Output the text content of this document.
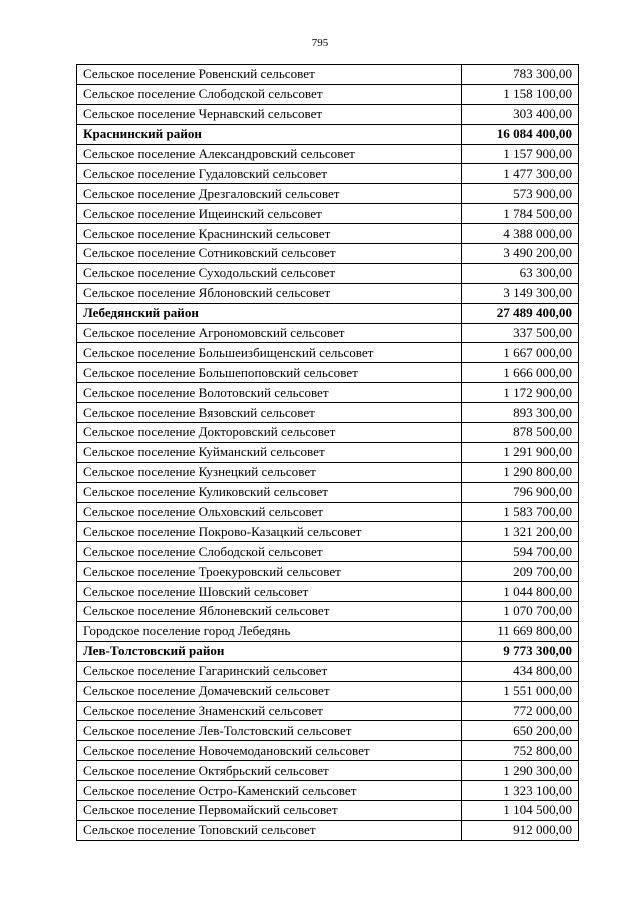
795
Сельское поселение Ровенский сельсовет	783 300,00
Сельское поселение Слободской сельсовет	1 158 100,00
Сельское поселение Чернавский сельсовет	303 400,00
Краснинский район	16 084 400,00
Сельское поселение Александровский сельсовет	1 157 900,00
Сельское поселение Гудаловский сельсовет	1 477 300,00
Сельское поселение Дрезгаловский сельсовет	573 900,00
Сельское поселение Ищеинский сельсовет	1 784 500,00
Сельское поселение Краснинский сельсовет	4 388 000,00
Сельское поселение Сотниковский сельсовет	3 490 200,00
Сельское поселение Суходольский сельсовет	63 300,00
Сельское поселение Яблоновский сельсовет	3 149 300,00
Лебедянский район	27 489 400,00
Сельское поселение Агрономовский сельсовет	337 500,00
Сельское поселение Большеизбищенский сельсовет	1 667 000,00
Сельское поселение Большепоповский сельсовет	1 666 000,00
Сельское поселение Волотовский сельсовет	1 172 900,00
Сельское поселение Вязовский сельсовет	893 300,00
Сельское поселение Докторовский сельсовет	878 500,00
Сельское поселение Куйманский сельсовет	1 291 900,00
Сельское поселение Кузнецкий сельсовет	1 290 800,00
Сельское поселение Куликовский сельсовет	796 900,00
Сельское поселение Ольховский сельсовет	1 583 700,00
Сельское поселение Покрово-Казацкий сельсовет	1 321 200,00
Сельское поселение Слободской сельсовет	594 700,00
Сельское поселение Троекуровский сельсовет	209 700,00
Сельское поселение Шовский сельсовет	1 044 800,00
Сельское поселение Яблоневский сельсовет	1 070 700,00
Городское поселение город Лебедянь	11 669 800,00
Лев-Толстовский район	9 773 300,00
Сельское поселение Гагаринский сельсовет	434 800,00
Сельское поселение Домачевский сельсовет	1 551 000,00
Сельское поселение Знаменский сельсовет	772 000,00
Сельское поселение Лев-Толстовский сельсовет	650 200,00
Сельское поселение Новочемодановский сельсовет	752 800,00
Сельское поселение Октябрьский сельсовет	1 290 300,00
Сельское поселение Остро-Каменский сельсовет	1 323 100,00
Сельское поселение Первомайский сельсовет	1 104 500,00
Сельское поселение Топовский сельсовет	912 000,00
